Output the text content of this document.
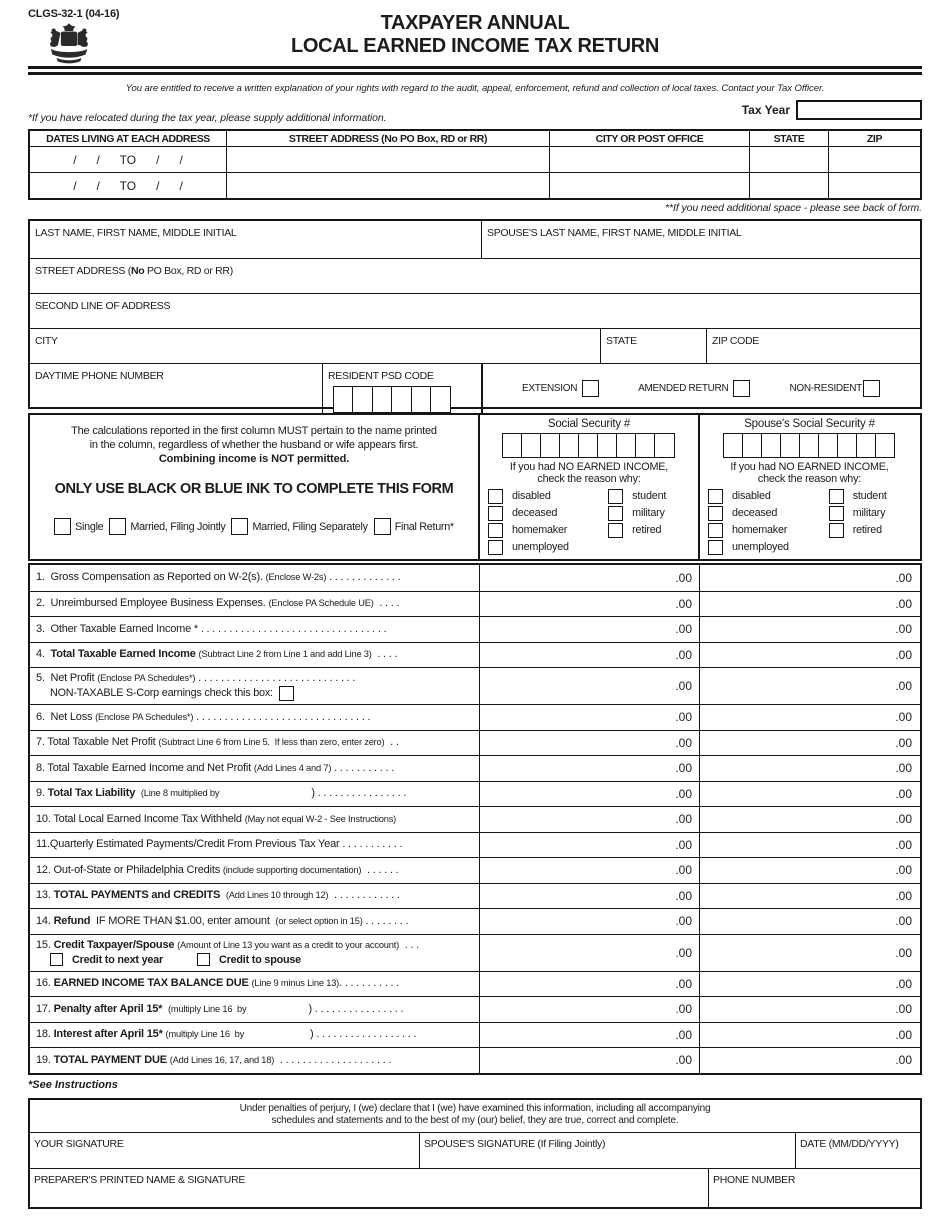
CLGS-32-1 (04-16)	TAXPAYER ANNUAL
LOCAL EARNED INCOME TAX RETURN
You are entitled to receive a written explanation of your rights with regard to the audit, appeal, enforcement, refund and collection of local taxes. Contact your Tax Officer.
Tax Year
*If you have relocated during the tax year, please supply additional information.
DATES LIVING AT EACH ADDRESS	STREET ADDRESS (No PO Box, RD or RR)	CITY OR POST OFFICE	STATE	ZIP
/      /      TO      /      /
/      /      TO      /      /
**If you need additional space - please see back of form.
LAST NAME, FIRST NAME, MIDDLE INITIAL	SPOUSE'S LAST NAME, FIRST NAME, MIDDLE INITIAL
STREET ADDRESS (No PO Box, RD or RR)
SECOND LINE OF ADDRESS
CITY	STATE	ZIP CODE
DAYTIME PHONE NUMBER	RESIDENT PSD CODE
EXTENSION	AMENDED RETURN	NON-RESIDENT
The calculations reported in the first column MUST pertain to the name printed
in the column, regardless of whether the husband or wife appears first.
Combining income is NOT permitted.
ONLY USE BLACK OR BLUE INK TO COMPLETE THIS FORM
Single	Married, Filing Jointly	Married, Filing Separately	Final Return*
Social Security #
If you had NO EARNED INCOME,
check the reason why:
disabled
deceased
homemaker
unemployed
student
military
retired
Spouse's Social Security #
If you had NO EARNED INCOME,
check the reason why:
disabled
deceased
homemaker
unemployed
student
military
retired
1.  Gross Compensation as Reported on W-2(s). (Enclose W-2s) . . . . . . . . . . . . .	.00	.00
2.  Unreimbursed Employee Business Expenses. (Enclose PA Schedule UE)  . . . .	.00	.00
3.  Other Taxable Earned Income * . . . . . . . . . . . . . . . . . . . . . . . . . . . . . . . . .	.00	.00
4.  Total Taxable Earned Income (Subtract Line 2 from Line 1 and add Line 3)  . . . .	.00	.00
5.  Net Profit (Enclose PA Schedules*) . . . . . . . . . . . . . . . . . . . . . . . . . . . .
NON-TAXABLE S-Corp earnings check this box:	.00	.00
6.  Net Loss (Enclose PA Schedules*) . . . . . . . . . . . . . . . . . . . . . . . . . . . . . . .	.00	.00
7. Total Taxable Net Profit (Subtract Line 6 from Line 5.  If less than zero, enter zero)  . .	.00	.00
8. Total Taxable Earned Income and Net Profit (Add Lines 4 and 7) . . . . . . . . . . .	.00	.00
9. Total Tax Liability (Line 8 multiplied by	) . . . . . . . . . . . . . . . .	.00	.00
10. Total Local Earned Income Tax Withheld (May not equal W-2 - See Instructions)	.00	.00
11.Quarterly Estimated Payments/Credit From Previous Tax Year . . . . . . . . . . .	.00	.00
12. Out-of-State or Philadelphia Credits (include supporting documentation)  . . . . . .	.00	.00
13. TOTAL PAYMENTS and CREDITS (Add Lines 10 through 12)  . . . . . . . . . . . .	.00	.00
14. Refund  IF MORE THAN $1.00, enter amount  (or select option in 15) . . . . . . . .	.00	.00
15. Credit Taxpayer/Spouse (Amount of Line 13 you want as a credit to your account)  . . .
Credit to next year	Credit to spouse	.00	.00
16. EARNED INCOME TAX BALANCE DUE (Line 9 minus Line 13). . . . . . . . . . .	.00	.00
17. Penalty after April 15* (multiply Line 16  by	) . . . . . . . . . . . . . . . .	.00	.00
18. Interest after April 15* (multiply Line 16  by	) . . . . . . . . . . . . . . . . . .	.00	.00
19. TOTAL PAYMENT DUE (Add Lines 16, 17, and 18)  . . . . . . . . . . . . . . . . . . . .	.00	.00
*See Instructions
Under penalties of perjury, I (we) declare that I (we) have examined this information, including all accompanying
schedules and statements and to the best of my (our) belief, they are true, correct and complete.
YOUR SIGNATURE	SPOUSE'S SIGNATURE (If Filing Jointly)	DATE (MM/DD/YYYY)
PREPARER'S PRINTED NAME & SIGNATURE	PHONE NUMBER
